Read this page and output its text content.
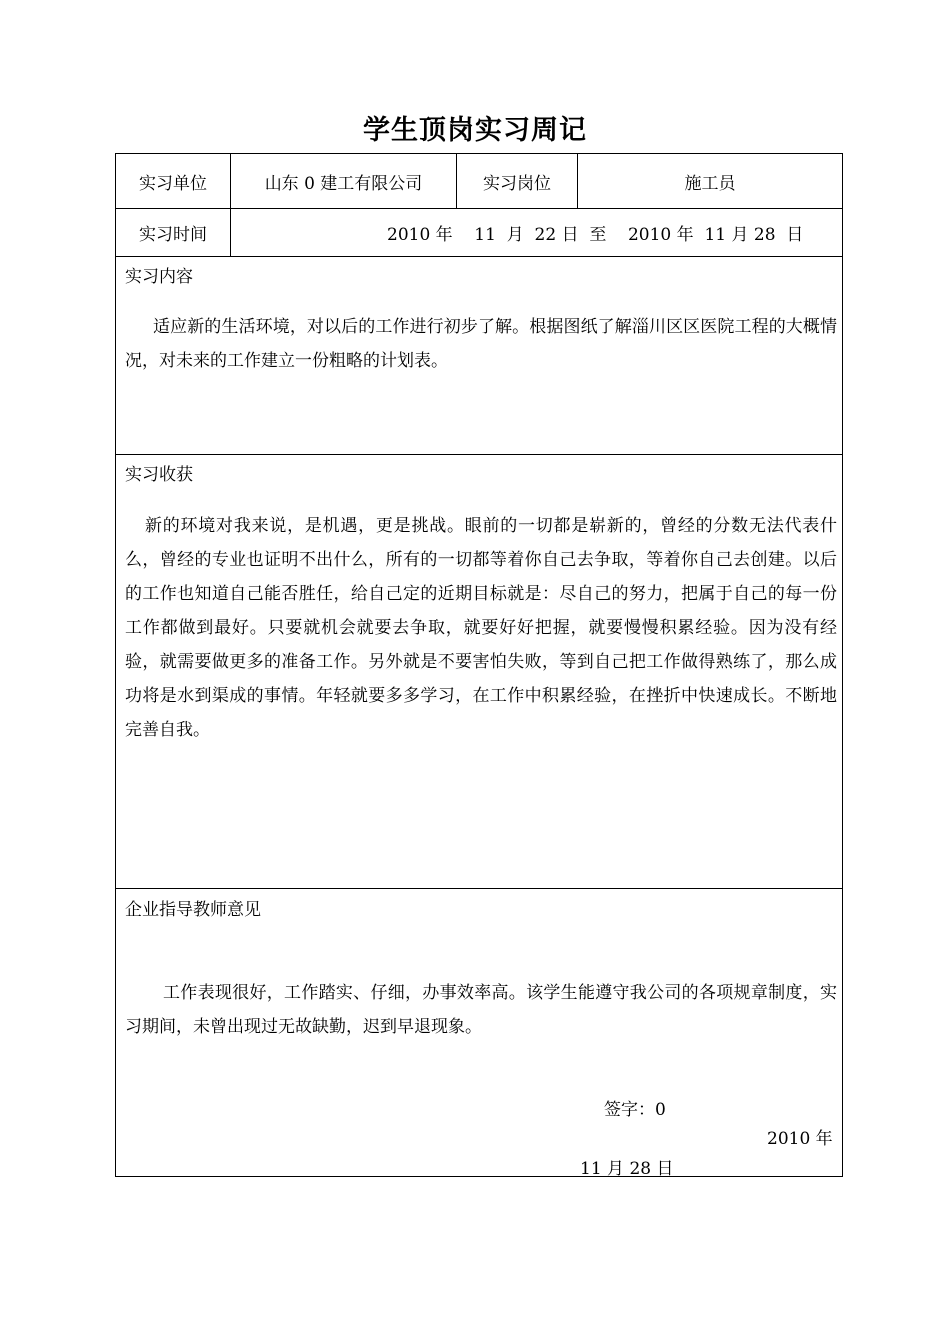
学生顶岗实习周记
实习单位	山东 0 建工有限公司	实习岗位	施工员
实习时间	2010 年    11  月  22 日  至    2010 年  11 月 28  日
实习内容
适应新的生活环境，对以后的工作进行初步了解。根据图纸了解淄川区区医院工程的大概情况，对未来的工作建立一份粗略的计划表。
实习收获
新的环境对我来说，是机遇，更是挑战。眼前的一切都是崭新的，曾经的分数无法代表什么，曾经的专业也证明不出什么，所有的一切都等着你自己去争取，等着你自己去创建。以后的工作也知道自己能否胜任，给自己定的近期目标就是：尽自己的努力，把属于自己的每一份工作都做到最好。只要就机会就要去争取，就要好好把握，就要慢慢积累经验。因为没有经验，就需要做更多的准备工作。另外就是不要害怕失败，等到自己把工作做得熟练了，那么成功将是水到渠成的事情。年轻就要多多学习，在工作中积累经验，在挫折中快速成长。不断地完善自我。
企业指导教师意见
工作表现很好，工作踏实、仔细，办事效率高。该学生能遵守我公司的各项规章制度，实习期间，未曾出现过无故缺勤，迟到早退现象。
签字：0
2010 年
11 月 28 日
